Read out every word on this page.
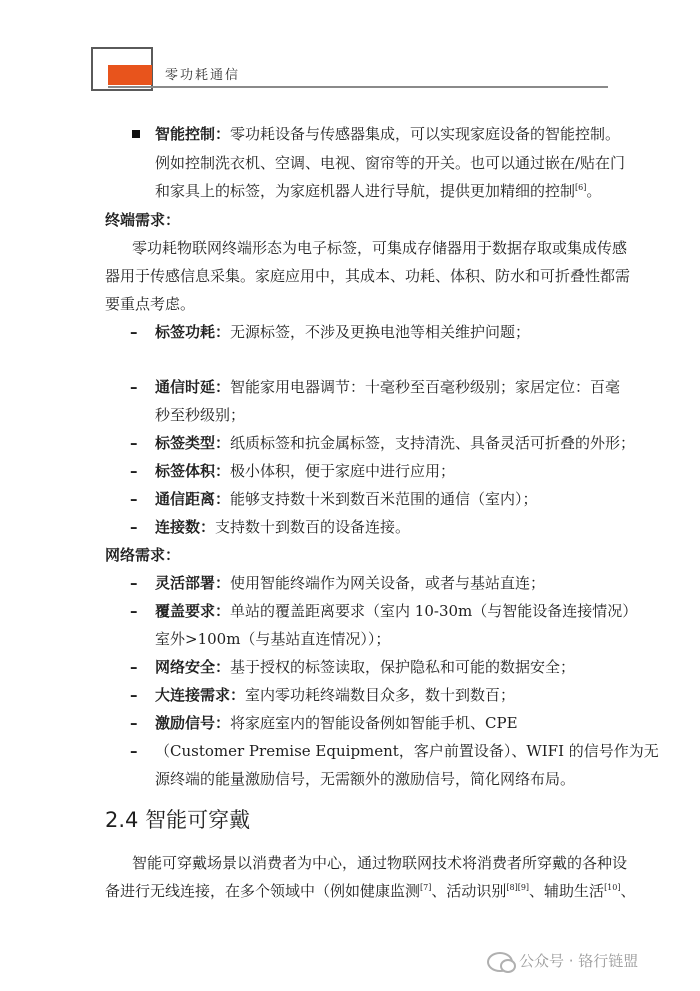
零功耗通信
智能控制：零功耗设备与传感器集成，可以实现家庭设备的智能控制。
例如控制洗衣机、空调、电视、窗帘等的开关。也可以通过嵌在/贴在门
和家具上的标签，为家庭机器人进行导航，提供更加精细的控制[6]。
终端需求：
零功耗物联网终端形态为电子标签，可集成存储器用于数据存取或集成传感
器用于传感信息采集。家庭应用中，其成本、功耗、体积、防水和可折叠性都需
要重点考虑。
– 标签功耗：无源标签，不涉及更换电池等相关维护问题；
– 通信时延：智能家用电器调节：十毫秒至百毫秒级别；家居定位：百毫
秒至秒级别；
– 标签类型：纸质标签和抗金属标签，支持清洗、具备灵活可折叠的外形；
– 标签体积：极小体积，便于家庭中进行应用；
– 通信距离：能够支持数十米到数百米范围的通信（室内）；
– 连接数：支持数十到数百的设备连接。
网络需求：
– 灵活部署：使用智能终端作为网关设备，或者与基站直连；
– 覆盖要求：单站的覆盖距离要求（室内 10-30m（与智能设备连接情况）
室外>100m（与基站直连情况））；
– 网络安全：基于授权的标签读取，保护隐私和可能的数据安全；
– 大连接需求：室内零功耗终端数目众多，数十到数百；
– 激励信号：将家庭室内的智能设备例如智能手机、CPE
– （Customer Premise Equipment，客户前置设备）、WIFI 的信号作为无
源终端的能量激励信号，无需额外的激励信号，简化网络布局。
2.4 智能可穿戴
智能可穿戴场景以消费者为中心，通过物联网技术将消费者所穿戴的各种设
备进行无线连接，在多个领域中（例如健康监测[7]、活动识别[8][9]、辅助生活[10]、
公众号 · 铬行链盟
